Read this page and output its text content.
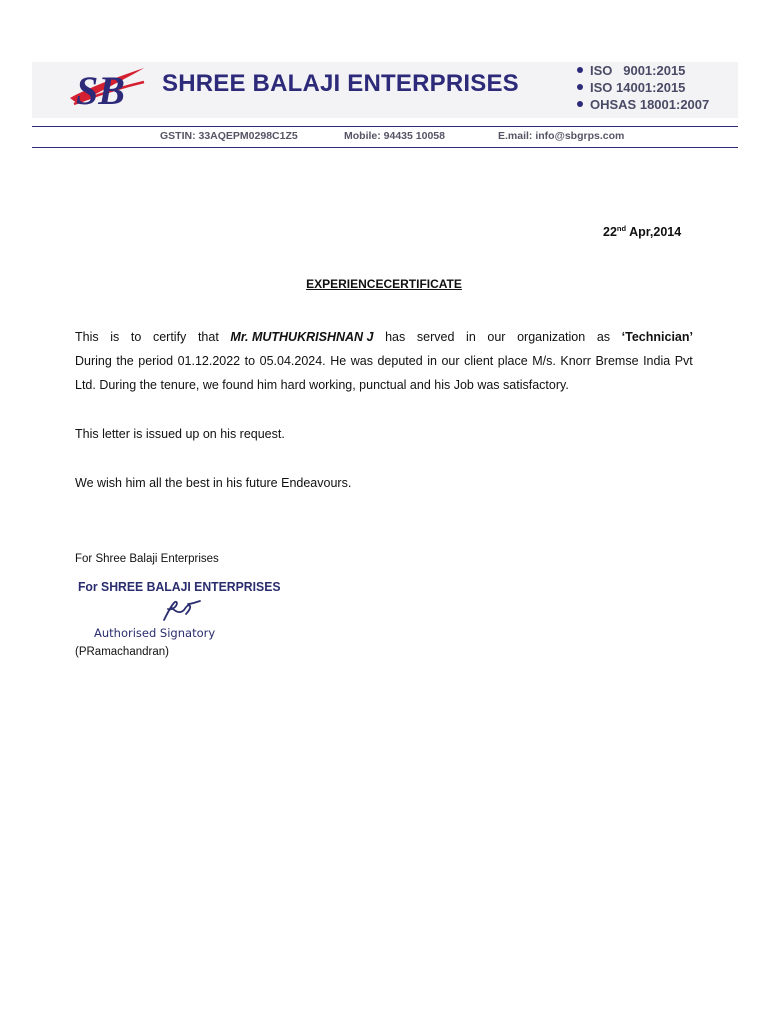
SB SHREE BALAJI ENTERPRISES	ISO   9001:2015
ISO 14001:2015
OHSAS 18001:2007
GSTIN: 33AQEPM0298C1Z5	Mobile: 94435 10058	E.mail: info@sbgrps.com
22nd Apr,2014
EXPERIENCECERTIFICATE
This is to certify that Mr. MUTHUKRISHNAN J has served in our organization as ‘Technician’
During the period 01.12.2022 to 05.04.2024. He was deputed in our client place M/s. Knorr Bremse India Pvt
Ltd. During the tenure, we found him hard working, punctual and his Job was satisfactory.
This letter is issued up on his request.
We wish him all the best in his future Endeavours.
For Shree Balaji Enterprises
For SHREE BALAJI ENTERPRISES
Authorised Signatory
(PRamachandran)
